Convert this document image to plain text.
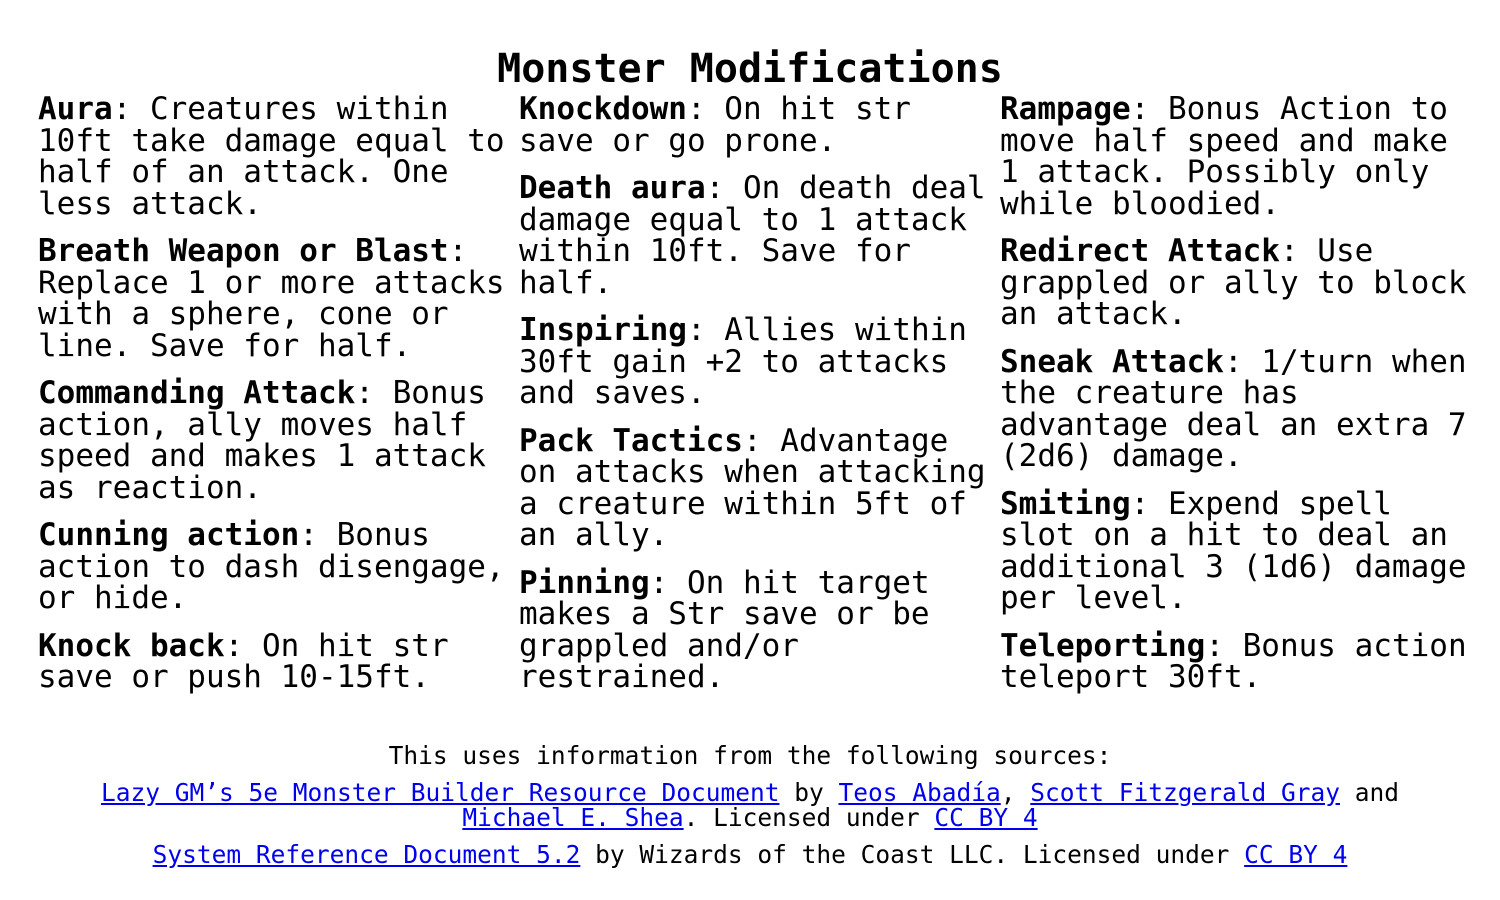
Monster Modifications

Aura: Creatures within 10ft take damage equal to half of an attack. One less attack.

Breath Weapon or Blast: Replace 1 or more attacks with a sphere, cone or line. Save for half.

Commanding Attack: Bonus action, ally moves half speed and makes 1 attack as reaction.

Cunning action: Bonus action to dash disengage, or hide.

Knock back: On hit str save or push 10-15ft.

Knockdown: On hit str save or go prone.

Death aura: On death deal damage equal to 1 attack within 10ft. Save for half.

Inspiring: Allies within 30ft gain +2 to attacks and saves.

Pack Tactics: Advantage on attacks when attacking a creature within 5ft of an ally.

Pinning: On hit target makes a Str save or be grappled and/or restrained.

Rampage: Bonus Action to move half speed and make 1 attack. Possibly only while bloodied.

Redirect Attack: Use grappled or ally to block an attack.

Sneak Attack: 1/turn when the creature has advantage deal an extra 7 (2d6) damage.

Smiting: Expend spell slot on a hit to deal an additional 3 (1d6) damage per level.

Teleporting: Bonus action teleport 30ft.

This uses information from the following sources:

Lazy GM’s 5e Monster Builder Resource Document by Teos Abadía, Scott Fitzgerald Gray and
Michael E. Shea. Licensed under CC BY 4

System Reference Document 5.2 by Wizards of the Coast LLC. Licensed under CC BY 4
